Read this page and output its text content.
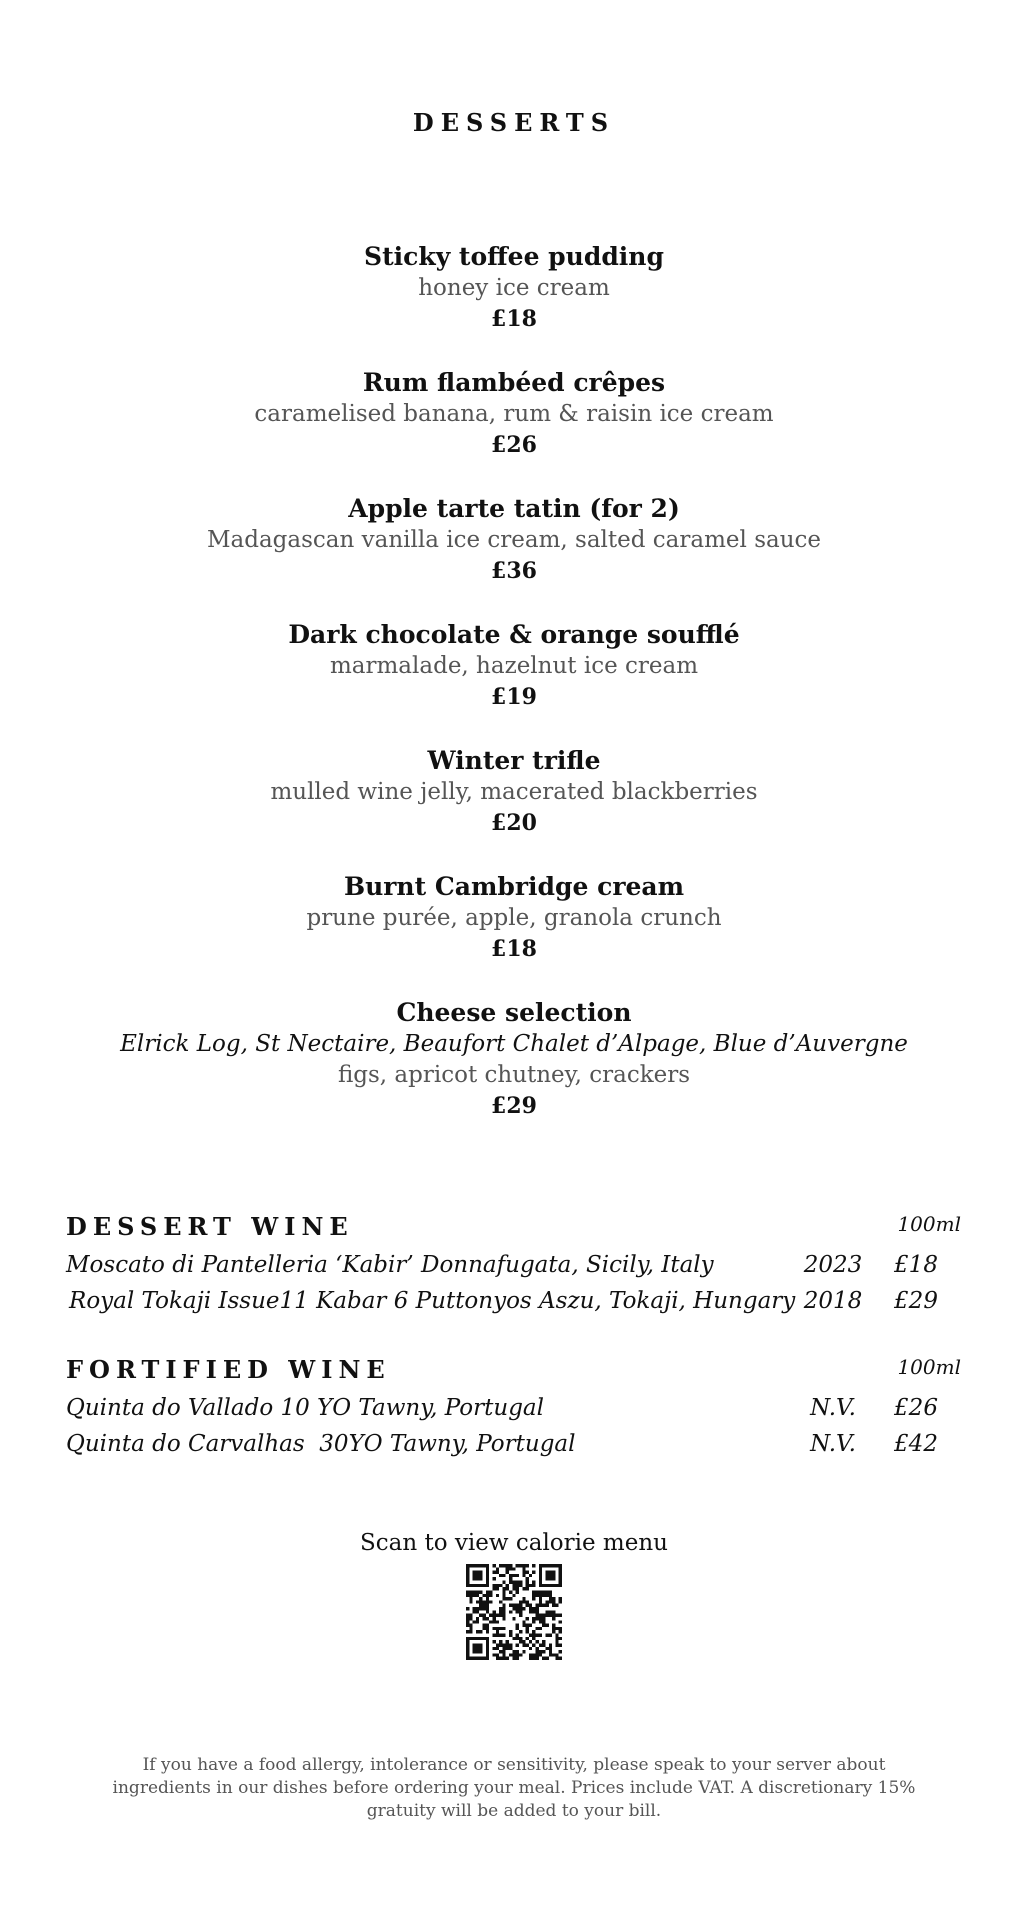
DESSERTS
Sticky toffee pudding
honey ice cream
£18
Rum flambéed crêpes
caramelised banana, rum & raisin ice cream
£26
Apple tarte tatin (for 2)
Madagascan vanilla ice cream, salted caramel sauce
£36
Dark chocolate & orange soufflé
marmalade, hazelnut ice cream
£19
Winter trifle
mulled wine jelly, macerated blackberries
£20
Burnt Cambridge cream
prune purée, apple, granola crunch
£18
Cheese selection
Elrick Log, St Nectaire, Beaufort Chalet d’Alpage, Blue d’Auvergne
figs, apricot chutney, crackers
£29
DESSERT WINE	100ml
Moscato di Pantelleria ‘Kabir’ Donnafugata, Sicily, Italy	2023	£18
Royal Tokaji Issue11 Kabar 6 Puttonyos Aszu, Tokaji, Hungary 2018	£29
FORTIFIED WINE	100ml
Quinta do Vallado 10 YO Tawny, Portugal	N.V.	£26
Quinta do Carvalhas  30YO Tawny, Portugal	N.V.	£42
Scan to view calorie menu
If you have a food allergy, intolerance or sensitivity, please speak to your server about ingredients in our dishes before ordering your meal. Prices include VAT. A discretionary 15% gratuity will be added to your bill.
